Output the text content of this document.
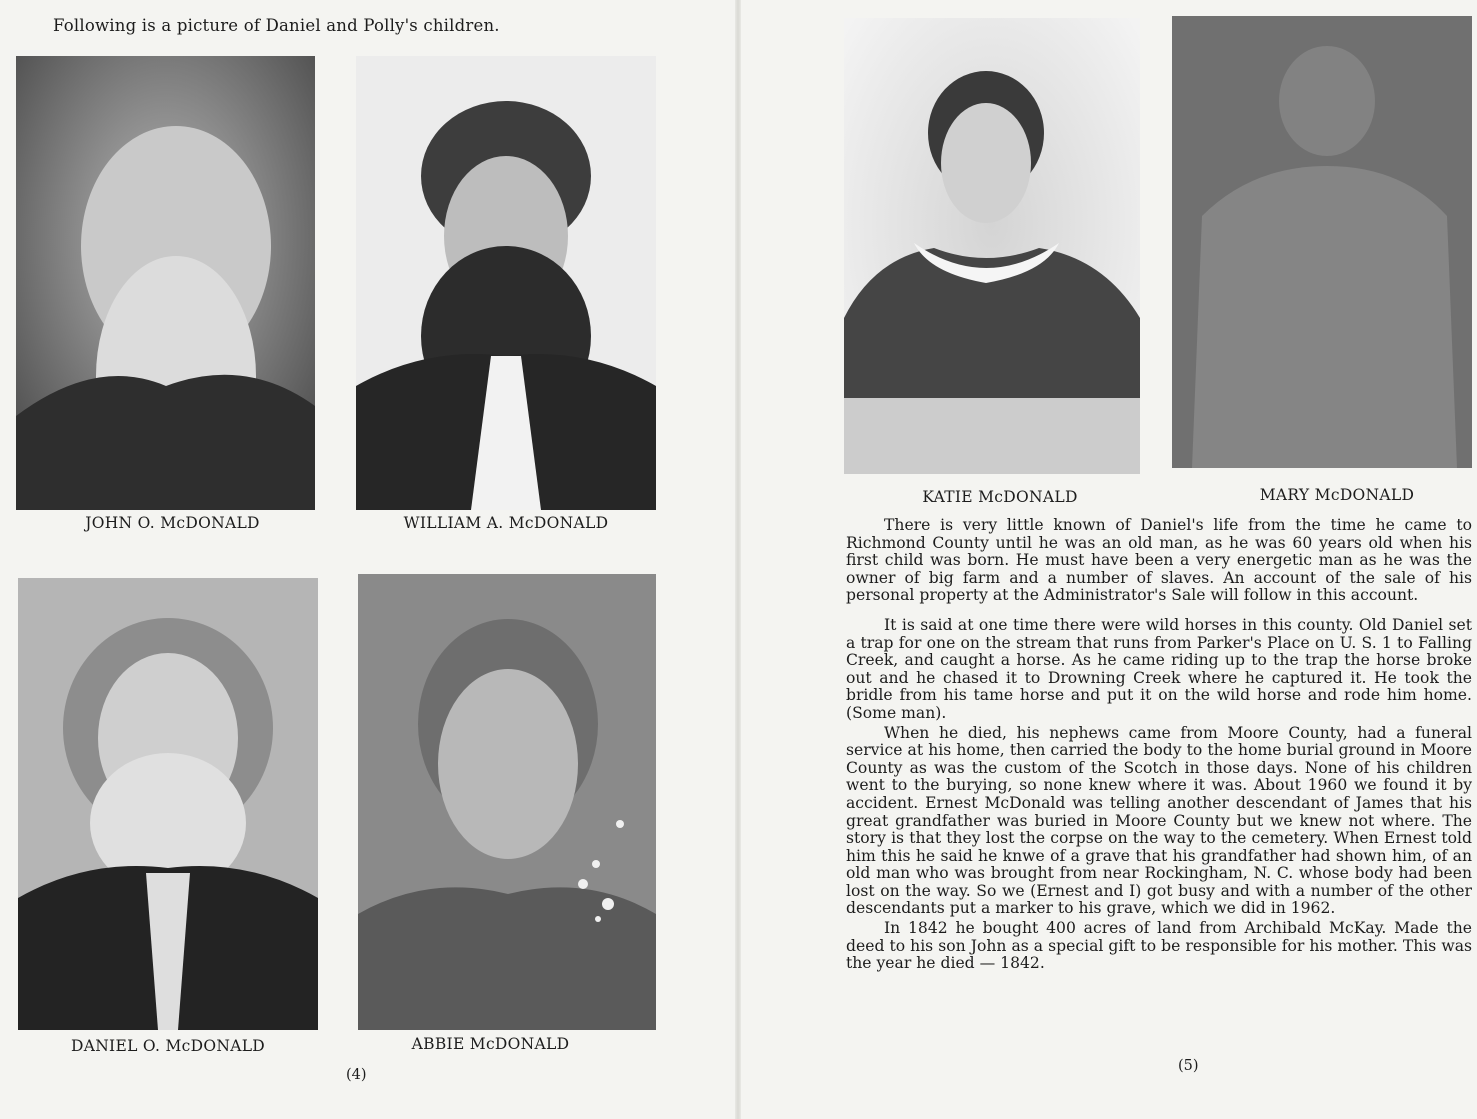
Following is a picture of Daniel and Polly's children.
JOHN O. McDONALD	WILLIAM A. McDONALD
DANIEL O. McDONALD	ABBIE McDONALD
(4)
KATIE McDONALD	MARY McDONALD

There is very little known of Daniel's life from the time he came to Richmond County until he was an old man, as he was 60 years old when his first child was born. He must have been a very energetic man as he was the owner of big farm and a number of slaves. An account of the sale of his personal property at the Administrator's Sale will follow in this account.

It is said at one time there were wild horses in this county. Old Daniel set a trap for one on the stream that runs from Parker's Place on U. S. 1 to Falling Creek, and caught a horse. As he came riding up to the trap the horse broke out and he chased it to Drowning Creek where he captured it. He took the bridle from his tame horse and put it on the wild horse and rode him home. (Some man).

When he died, his nephews came from Moore County, had a funeral service at his home, then carried the body to the home burial ground in Moore County as was the custom of the Scotch in those days. None of his children went to the burying, so none knew where it was. About 1960 we found it by accident. Ernest McDonald was telling another descendant of James that his great grandfather was buried in Moore County but we knew not where. The story is that they lost the corpse on the way to the cemetery. When Ernest told him this he said he knwe of a grave that his grandfather had shown him, of an old man who was brought from near Rockingham, N. C. whose body had been lost on the way. So we (Ernest and I) got busy and with a number of the other descendants put a marker to his grave, which we did in 1962.

In 1842 he bought 400 acres of land from Archibald McKay. Made the deed to his son John as a special gift to be responsible for his mother. This was the year he died — 1842.

(5)
